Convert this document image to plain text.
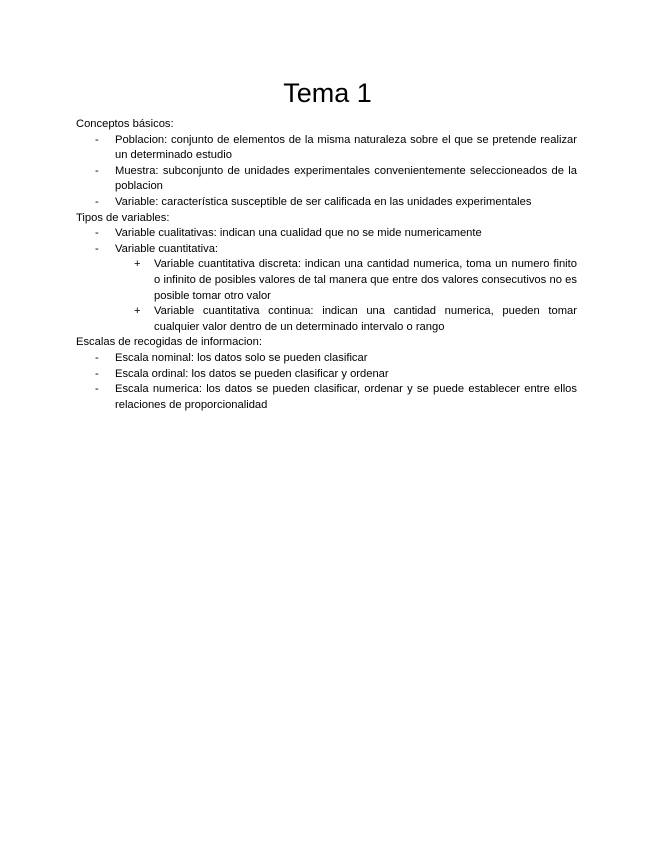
Tema 1

Conceptos básicos:

- Poblacion: conjunto de elementos de la misma naturaleza sobre el que se pretende realizar un determinado estudio
- Muestra: subconjunto de unidades experimentales convenientemente seleccioneados de la poblacion
- Variable: característica susceptible de ser calificada en las unidades experimentales

Tipos de variables:

- Variable cualitativas: indican una cualidad que no se mide numericamente
- Variable cuantitativa:
+ Variable cuantitativa discreta: indican una cantidad numerica, toma un numero finito o infinito de posibles valores de tal manera que entre dos valores consecutivos no es posible tomar otro valor
+ Variable cuantitativa continua: indican una cantidad numerica, pueden tomar cualquier valor dentro de un determinado intervalo o rango

Escalas de recogidas de informacion:

- Escala nominal: los datos solo se pueden clasificar
- Escala ordinal: los datos se pueden clasificar y ordenar
- Escala numerica: los datos se pueden clasificar, ordenar y se puede establecer entre ellos relaciones de proporcionalidad
